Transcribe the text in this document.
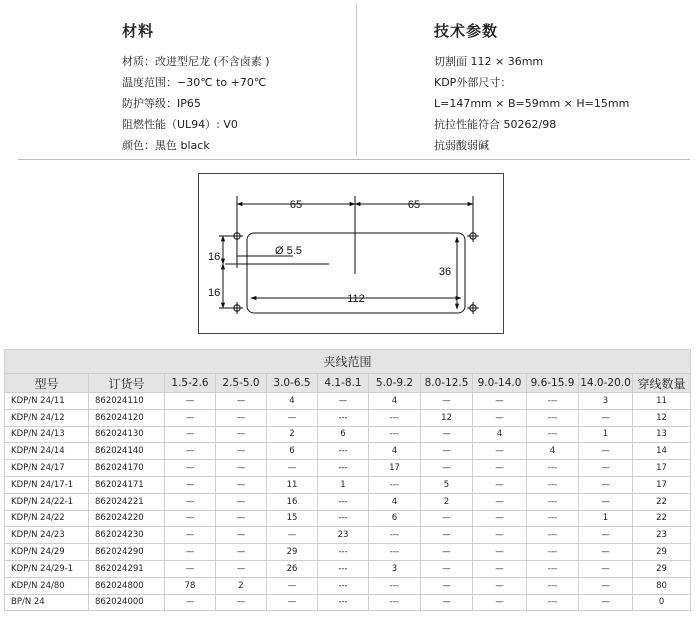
材料
材质：改进型尼龙 (不含卤素 )
温度范围：−30℃ to +70℃
防护等级：IP65
阻燃性能（UL94）: V0
颜色：黑色 black
技术参数
切割面 112 × 36mm
KDP外部尺寸：
L=147mm × B=59mm × H=15mm
抗拉性能符合 50262/98
抗弱酸弱碱
65	65
Ø 5.5
36
112
16
16
夹线范围											
型号	订货号	1.5-2.6	2.5-5.0	3.0-6.5	4.1-8.1	5.0-9.2	8.0-12.5	9.0-14.0	9.6-15.9	14.0-20.0	穿线数量
KDP/N 24/11	862024110	—	—	4	—	4	—	—	---	3	11
KDP/N 24/12	862024120	—	—	—	---	---	12	—	---	—	12
KDP/N 24/13	862024130	—	—	2	6	---	—	4	---	1	13
KDP/N 24/14	862024140	—	—	6	---	4	—	—	4	—	14
KDP/N 24/17	862024170	—	—	—	---	17	—	—	---	—	17
KDP/N 24/17-1	862024171	—	—	11	1	---	5	—	---	—	17
KDP/N 24/22-1	862024221	—	—	16	---	4	2	—	---	—	22
KDP/N 24/22	862024220	—	—	15	---	6	—	—	---	1	22
KDP/N 24/23	862024230	—	—	—	23	---	—	—	---	—	23
KDP/N 24/29	862024290	—	—	29	---	---	—	—	---	—	29
KDP/N 24/29-1	862024291	—	—	26	---	3	—	—	---	—	29
KDP/N 24/80	862024800	78	2	—	---	---	—	—	---	—	80
BP/N 24	862024000	—	—	—	---	---	—	—	---	—	0
